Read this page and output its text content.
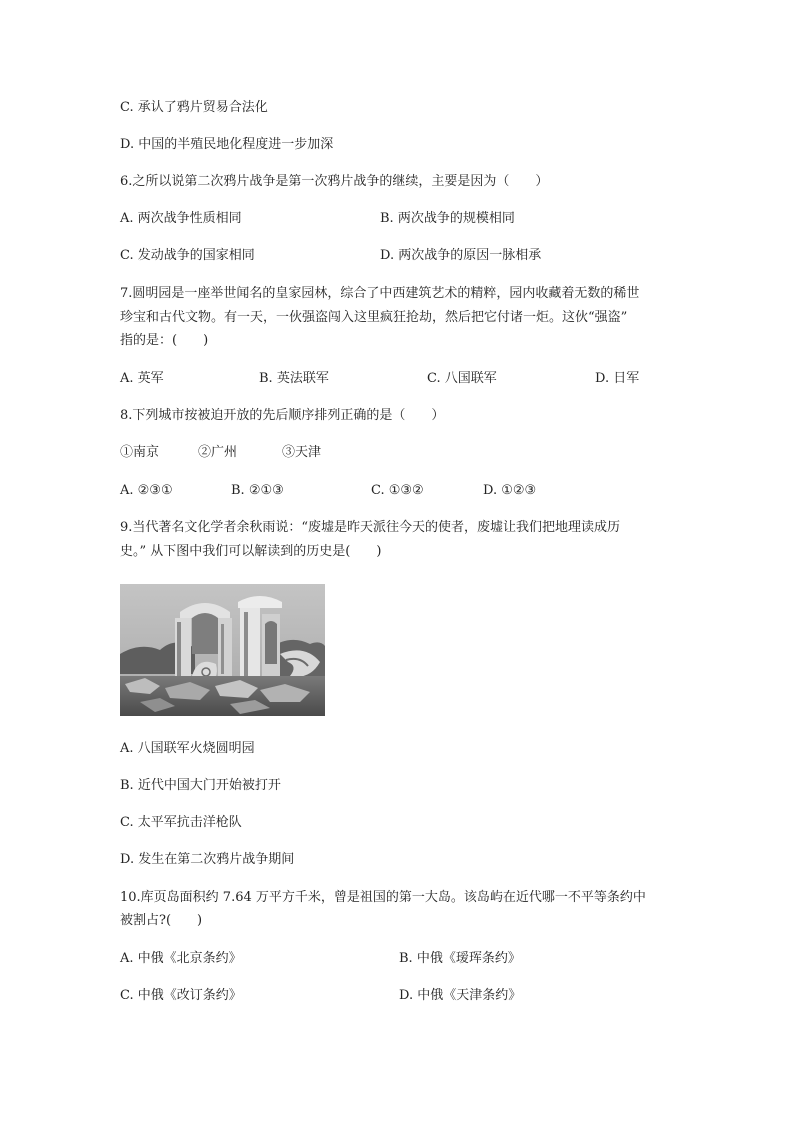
C. 承认了鸦片贸易合法化
D. 中国的半殖民地化程度进一步加深
6.之所以说第二次鸦片战争是第一次鸦片战争的继续，主要是因为（　　）
A. 两次战争性质相同	B. 两次战争的规模相同
C. 发动战争的国家相同	D. 两次战争的原因一脉相承
7.圆明园是一座举世闻名的皇家园林，综合了中西建筑艺术的精粹，园内收藏着无数的稀世
珍宝和古代文物。有一天，一伙强盗闯入这里疯狂抢劫，然后把它付诸一炬。这伙“强盗”
指的是：(　　)
A. 英军	B. 英法联军	C. 八国联军	D. 日军
8.下列城市按被迫开放的先后顺序排列正确的是（　　）
①南京	②广州	③天津
A. ②③①	B. ②①③	C. ①③②	D. ①②③
9.当代著名文化学者余秋雨说：“废墟是昨天派往今天的使者，废墟让我们把地理读成历
史。” 从下图中我们可以解读到的历史是(　　)
A. 八国联军火烧圆明园
B. 近代中国大门开始被打开
C. 太平军抗击洋枪队
D. 发生在第二次鸦片战争期间
10.库页岛面积约 7.64 万平方千米，曾是祖国的第一大岛。该岛屿在近代哪一不平等条约中
被割占?(　　)
A. 中俄《北京条约》	B. 中俄《瑷珲条约》
C. 中俄《改订条约》	D. 中俄《天津条约》
